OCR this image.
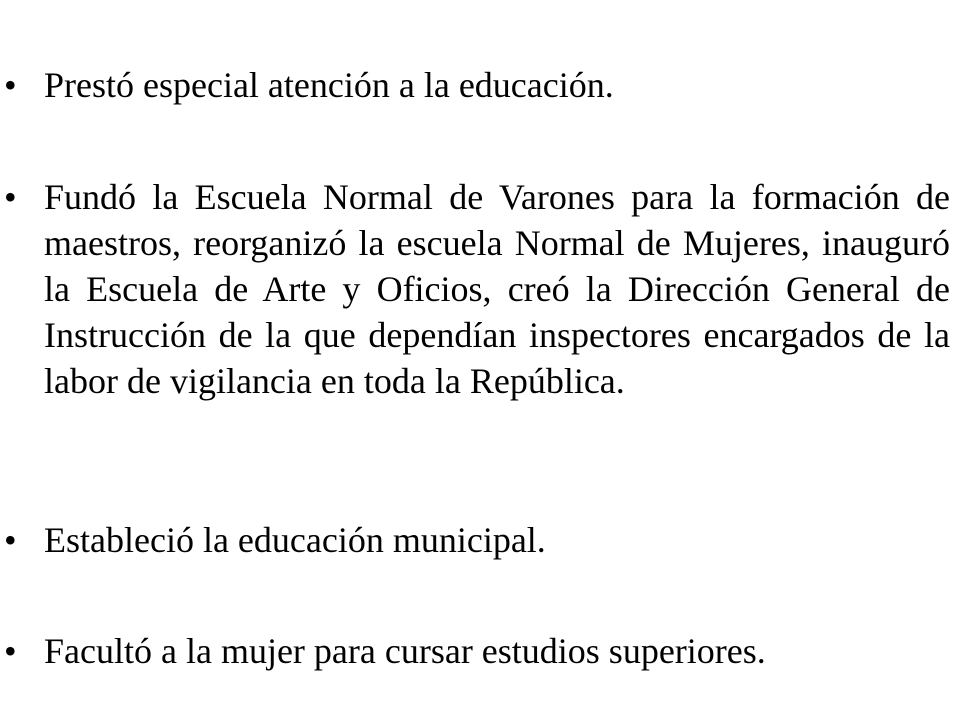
• Prestó especial atención a la educación.
• Fundó la Escuela Normal de Varones para la formación de maestros, reorganizó la escuela Normal de Mujeres, inauguró la Escuela de Arte y Oficios, creó la Dirección General de Instrucción de la que dependían inspectores encargados de la labor de vigilancia en toda la República.
• Estableció la educación municipal.
• Facultó a la mujer para cursar estudios superiores.
